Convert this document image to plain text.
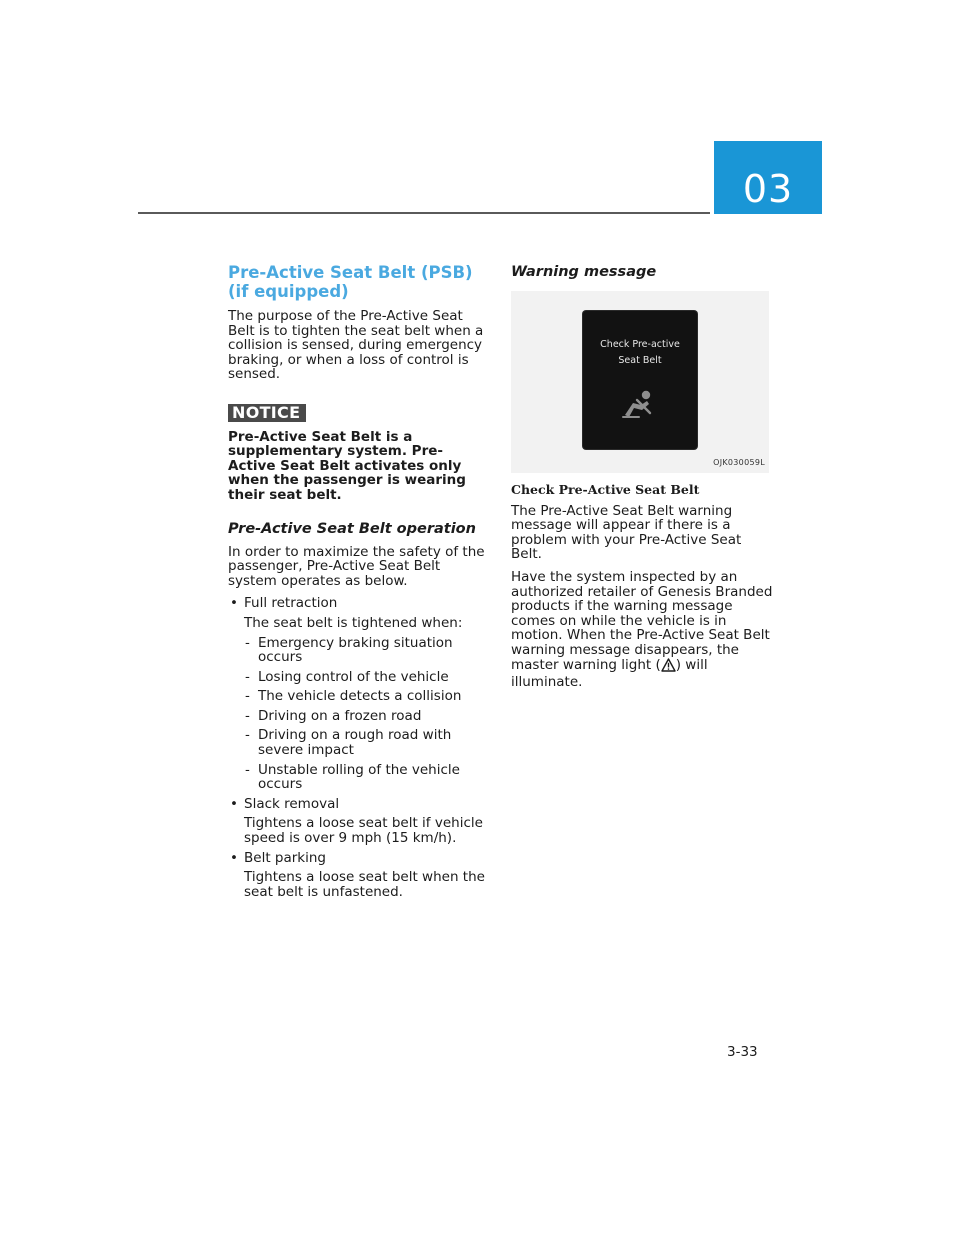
03
Pre-Active Seat Belt (PSB) (if equipped)

The purpose of the Pre-Active Seat Belt is to tighten the seat belt when a collision is sensed, during emergency braking, or when a loss of control is sensed.

NOTICE

Pre-Active Seat Belt is a supplementary system. Pre-Active Seat Belt activates only when the passenger is wearing their seat belt.

Pre-Active Seat Belt operation

In order to maximize the safety of the passenger, Pre-Active Seat Belt system operates as below.

• Full retraction
The seat belt is tightened when:
- Emergency braking situation occurs
- Losing control of the vehicle
- The vehicle detects a collision
- Driving on a frozen road
- Driving on a rough road with severe impact
- Unstable rolling of the vehicle occurs
• Slack removal
Tightens a loose seat belt if vehicle speed is over 9 mph (15 km/h).
• Belt parking
Tightens a loose seat belt when the seat belt is unfastened.
Warning message
Check Pre-active
Seat Belt
OJK030059L
Check Pre-Active Seat Belt

The Pre-Active Seat Belt warning message will appear if there is a problem with your Pre-Active Seat Belt.

Have the system inspected by an authorized retailer of Genesis Branded products if the warning message comes on while the vehicle is in motion. When the Pre-Active Seat Belt warning message disappears, the master warning light ( ) will illuminate.

3-33
